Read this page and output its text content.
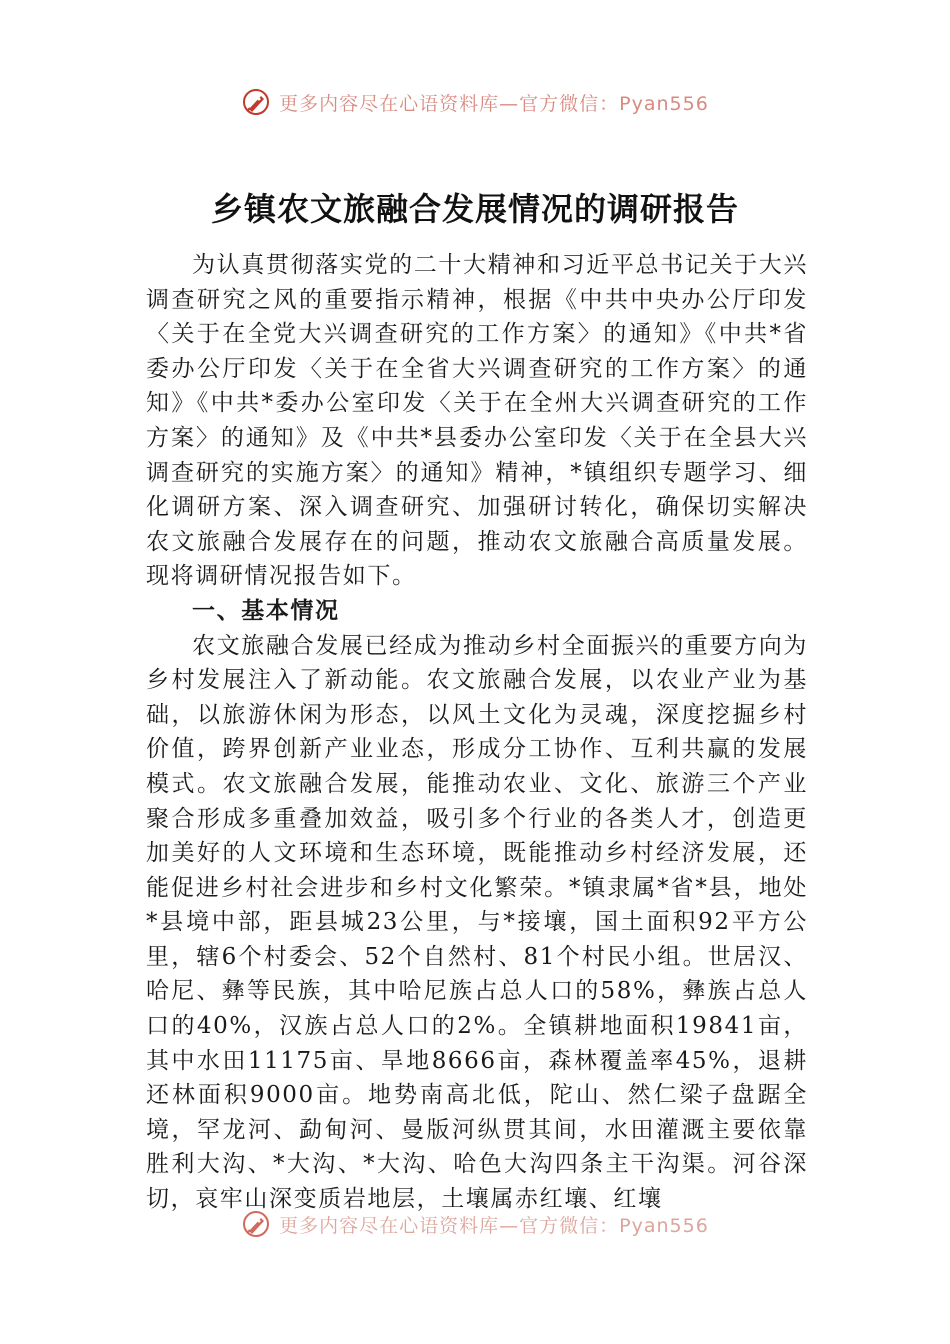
更多内容尽在心语资料库—官方微信：Pyan556
乡镇农文旅融合发展情况的调研报告

为认真贯彻落实党的二十大精神和习近平总书记关于大兴调查研究之风的重要指示精神，根据《中共中央办公厅印发〈关于在全党大兴调查研究的工作方案〉的通知》《中共*省委办公厅印发〈关于在全省大兴调查研究的工作方案〉的通知》《中共*委办公室印发〈关于在全州大兴调查研究的工作方案〉的通知》及《中共*县委办公室印发〈关于在全县大兴调查研究的实施方案〉的通知》精神，*镇组织专题学习、细化调研方案、深入调查研究、加强研讨转化，确保切实解决农文旅融合发展存在的问题，推动农文旅融合高质量发展。现将调研情况报告如下。

一、基本情况

农文旅融合发展已经成为推动乡村全面振兴的重要方向为乡村发展注入了新动能。农文旅融合发展，以农业产业为基础，以旅游休闲为形态，以风土文化为灵魂，深度挖掘乡村价值，跨界创新产业业态，形成分工协作、互利共赢的发展模式。农文旅融合发展，能推动农业、文化、旅游三个产业聚合形成多重叠加效益，吸引多个行业的各类人才，创造更加美好的人文环境和生态环境，既能推动乡村经济发展，还能促进乡村社会进步和乡村文化繁荣。*镇隶属*省*县，地处*县境中部，距县城23公里，与*接壤，国土面积92平方公里，辖6个村委会、52个自然村、81个村民小组。世居汉、哈尼、彝等民族，其中哈尼族占总人口的58%，彝族占总人口的40%，汉族占总人口的2%。全镇耕地面积19841亩，其中水田11175亩、旱地8666亩，森林覆盖率45%，退耕还林面积9000亩。地势南高北低，陀山、然仁梁子盘踞全境，罕龙河、勐甸河、曼版河纵贯其间，水田灌溉主要依靠胜利大沟、*大沟、*大沟、哈色大沟四条主干沟渠。河谷深切，哀牢山深变质岩地层，土壤属赤红壤、红壤

更多内容尽在心语资料库—官方微信：Pyan556
